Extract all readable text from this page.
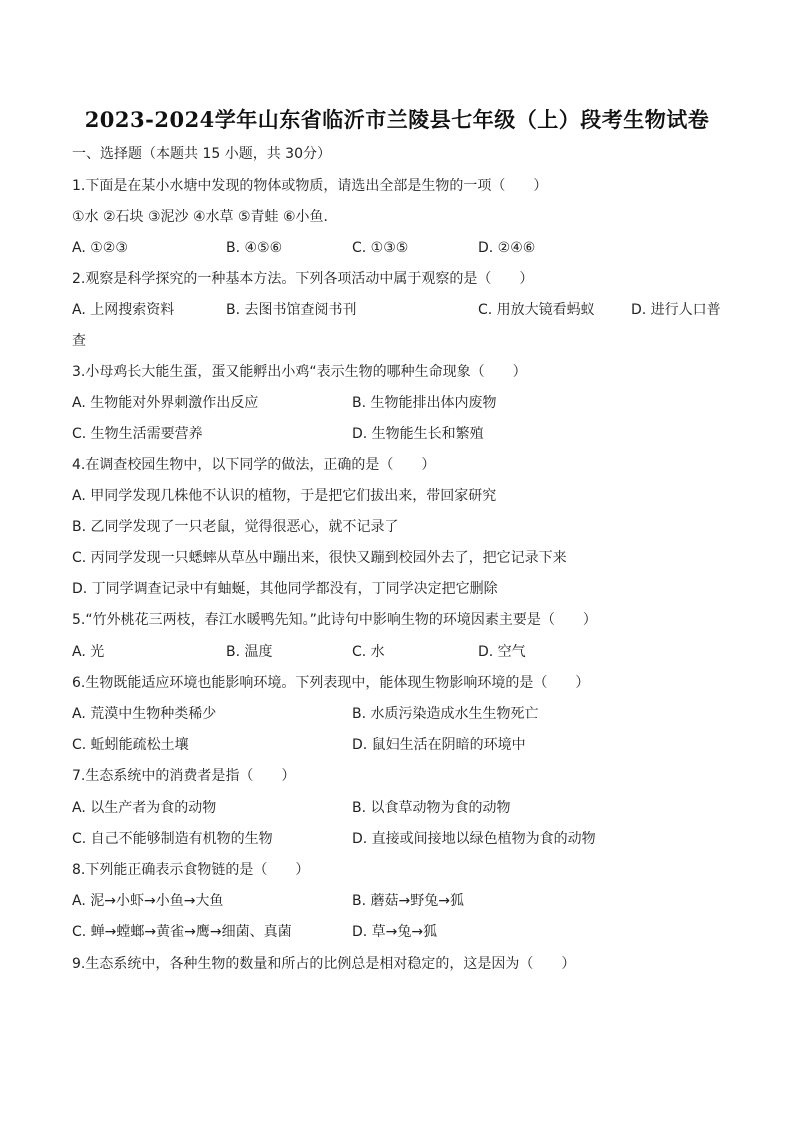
2023-2024学年山东省临沂市兰陵县七年级（上）段考生物试卷
一、选择题（本题共 15 小题，共 30分）
1.下面是在某小水塘中发现的物体或物质，请选出全部是生物的一项（　　）
①水 ②石块 ③泥沙 ④水草 ⑤青蛙 ⑥小鱼．
A. ①②③	B. ④⑤⑥	C. ①③⑤	D. ②④⑥
2.观察是科学探究的一种基本方法。下列各项活动中属于观察的是（　　）
A. 上网搜索资料	B. 去图书馆查阅书刊	C. 用放大镜看蚂蚁	D. 进行人口普
查
3.小母鸡长大能生蛋，蛋又能孵出小鸡“表示生物的哪种生命现象（　　）
A. 生物能对外界刺激作出反应	B. 生物能排出体内废物
C. 生物生活需要营养	D. 生物能生长和繁殖
4.在调查校园生物中，以下同学的做法，正确的是（　　）
A. 甲同学发现几株他不认识的植物，于是把它们拔出来，带回家研究
B. 乙同学发现了一只老鼠，觉得很恶心，就不记录了
C. 丙同学发现一只蟋蟀从草丛中蹦出来，很快又蹦到校园外去了，把它记录下来
D. 丁同学调查记录中有蚰蜒，其他同学都没有，丁同学决定把它删除
5.“竹外桃花三两枝，春江水暖鸭先知。”此诗句中影响生物的环境因素主要是（　　）
A. 光	B. 温度	C. 水	D. 空气
6.生物既能适应环境也能影响环境。下列表现中，能体现生物影响环境的是（　　）
A. 荒漠中生物种类稀少	B. 水质污染造成水生生物死亡
C. 蚯蚓能疏松土壤	D. 鼠妇生活在阴暗的环境中
7.生态系统中的消费者是指（　　）
A. 以生产者为食的动物	B. 以食草动物为食的动物
C. 自己不能够制造有机物的生物	D. 直接或间接地以绿色植物为食的动物
8.下列能正确表示食物链的是（　　）
A. 泥→小虾→小鱼→大鱼	B. 蘑菇→野兔→狐
C. 蝉→螳螂→黄雀→鹰→细菌、真菌	D. 草→兔→狐
9.生态系统中，各种生物的数量和所占的比例总是相对稳定的，这是因为（　　）
